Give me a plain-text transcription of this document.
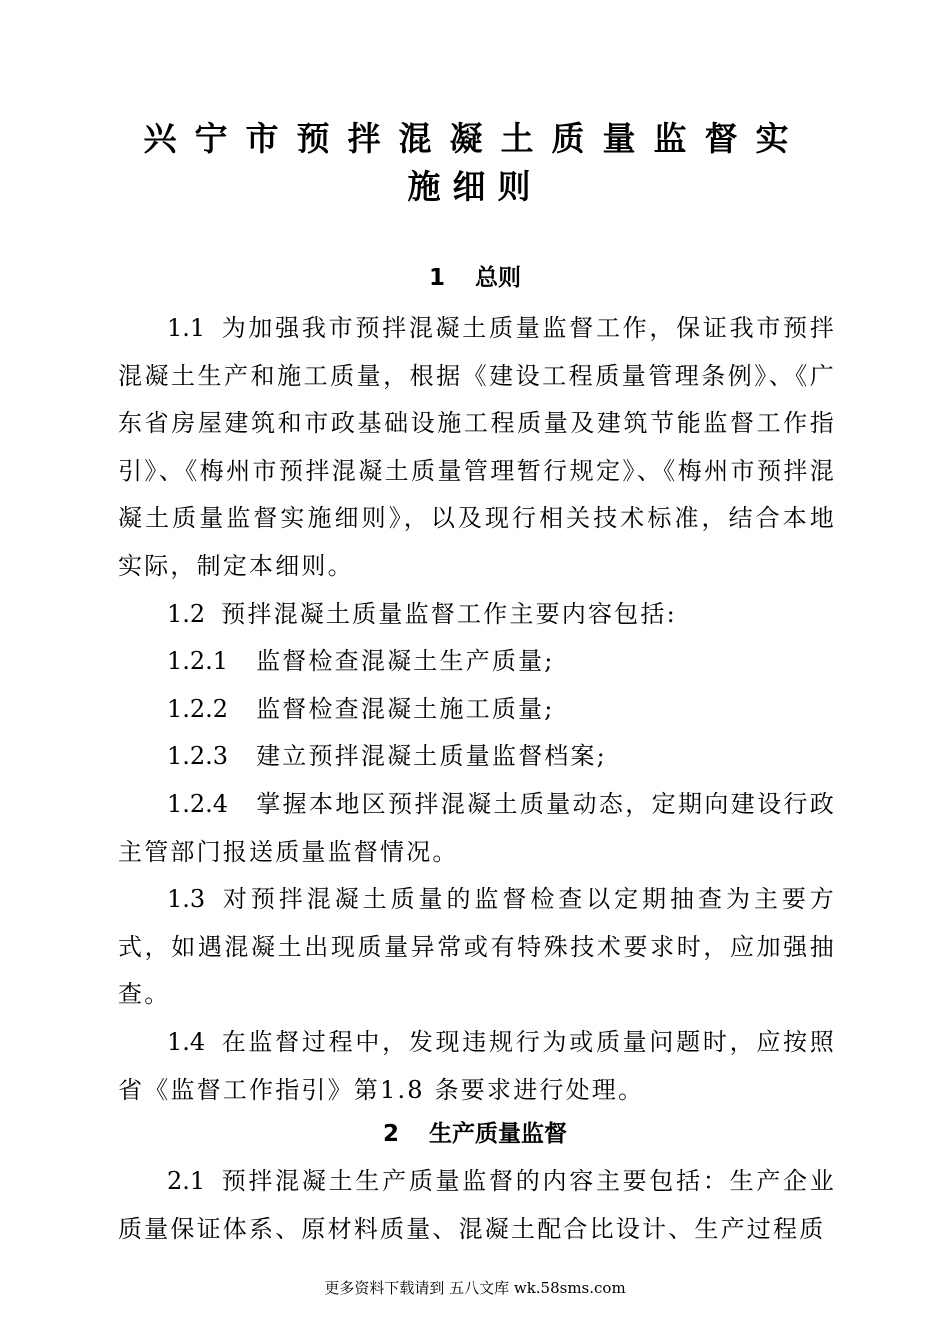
兴宁市预拌混凝土质量监督实
施细则
1 总则

1.1 为加强我市预拌混凝土质量监督工作，保证我市预拌混凝土生产和施工质量，根据《建设工程质量管理条例》、《广东省房屋建筑和市政基础设施工程质量及建筑节能监督工作指引》、《梅州市预拌混凝土质量管理暂行规定》、《梅州市预拌混凝土质量监督实施细则》，以及现行相关技术标准，结合本地实际，制定本细则。

1.2 预拌混凝土质量监督工作主要内容包括:

1.2.1 监督检查混凝土生产质量;

1.2.2 监督检查混凝土施工质量;

1.2.3 建立预拌混凝土质量监督档案;

1.2.4 掌握本地区预拌混凝土质量动态，定期向建设行政主管部门报送质量监督情况。

1.3 对预拌混凝土质量的监督检查以定期抽查为主要方式，如遇混凝土出现质量异常或有特殊技术要求时，应加强抽查。

1.4 在监督过程中，发现违规行为或质量问题时，应按照省《监督工作指引》第1.8 条要求进行处理。

2 生产质量监督

2.1 预拌混凝土生产质量监督的内容主要包括：生产企业质量保证体系、原材料质量、混凝土配合比设计、生产过程质

更多资料下载请到 五八文库 wk.58sms.com
